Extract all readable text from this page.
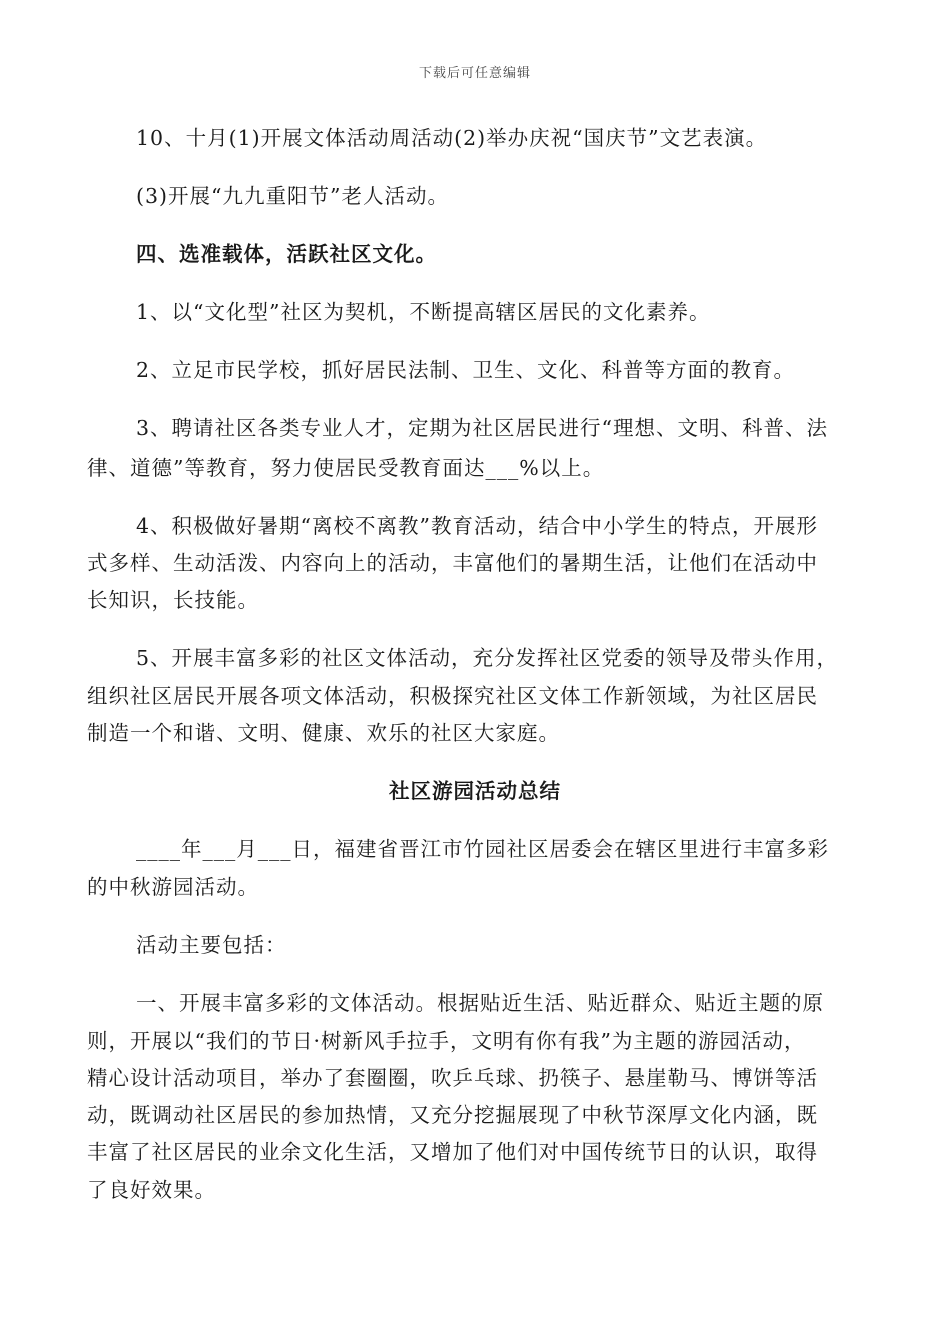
下载后可任意编辑
10、十月(1)开展文体活动周活动(2)举办庆祝“国庆节”文艺表演。
(3)开展“九九重阳节”老人活动。
四、选准载体，活跃社区文化。
1、以“文化型”社区为契机，不断提高辖区居民的文化素养。
2、立足市民学校，抓好居民法制、卫生、文化、科普等方面的教育。
3、聘请社区各类专业人才，定期为社区居民进行“理想、文明、科普、法
律、道德”等教育，努力使居民受教育面达___%以上。
4、积极做好暑期“离校不离教”教育活动，结合中小学生的特点，开展形
式多样、生动活泼、内容向上的活动，丰富他们的暑期生活，让他们在活动中
长知识，长技能。
5、开展丰富多彩的社区文体活动，充分发挥社区党委的领导及带头作用，
组织社区居民开展各项文体活动，积极探究社区文体工作新领域，为社区居民
制造一个和谐、文明、健康、欢乐的社区大家庭。
社区游园活动总结
____年___月___日，福建省晋江市竹园社区居委会在辖区里进行丰富多彩
的中秋游园活动。
活动主要包括：
一、开展丰富多彩的文体活动。根据贴近生活、贴近群众、贴近主题的原
则，开展以“我们的节日·树新风手拉手，文明有你有我”为主题的游园活动，
精心设计活动项目，举办了套圈圈，吹乒乓球、扔筷子、悬崖勒马、博饼等活
动，既调动社区居民的参加热情，又充分挖掘展现了中秋节深厚文化内涵，既
丰富了社区居民的业余文化生活，又增加了他们对中国传统节日的认识，取得
了良好效果。
